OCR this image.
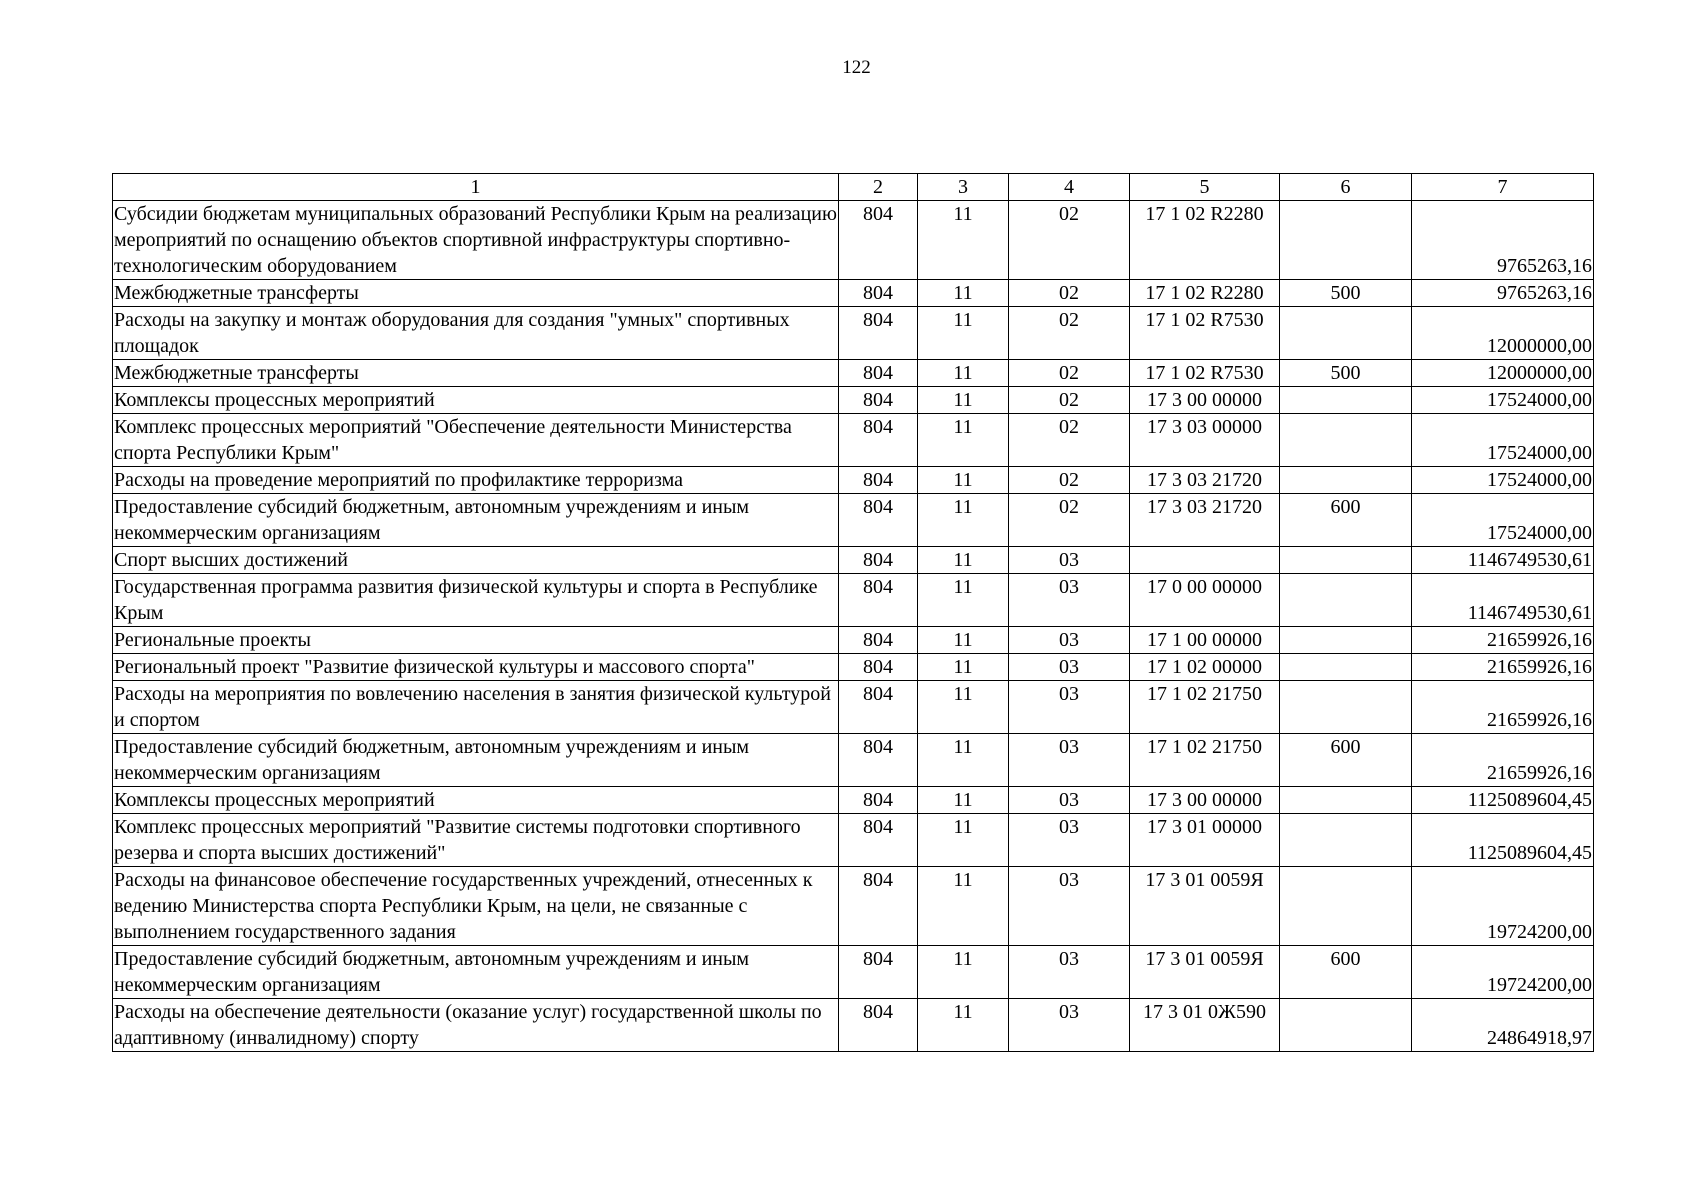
122
1	2	3	4	5	6	7
Субсидии бюджетам муниципальных образований Республики Крым на реализацию мероприятий по оснащению объектов спортивной инфраструктуры спортивно-технологическим оборудованием	804	11	02	17 1 02 R2280		9765263,16
Межбюджетные трансферты	804	11	02	17 1 02 R2280	500	9765263,16
Расходы на закупку и монтаж оборудования для создания "умных" спортивных площадок	804	11	02	17 1 02 R7530		12000000,00
Межбюджетные трансферты	804	11	02	17 1 02 R7530	500	12000000,00
Комплексы процессных мероприятий	804	11	02	17 3 00 00000		17524000,00
Комплекс процессных мероприятий "Обеспечение деятельности Министерства спорта Республики Крым"	804	11	02	17 3 03 00000		17524000,00
Расходы на проведение мероприятий по профилактике терроризма	804	11	02	17 3 03 21720		17524000,00
Предоставление субсидий бюджетным, автономным учреждениям и иным некоммерческим организациям	804	11	02	17 3 03 21720	600	17524000,00
Спорт высших достижений	804	11	03			1146749530,61
Государственная программа развития физической культуры и спорта в Республике Крым	804	11	03	17 0 00 00000		1146749530,61
Региональные проекты	804	11	03	17 1 00 00000		21659926,16
Региональный проект "Развитие физической культуры и массового спорта"	804	11	03	17 1 02 00000		21659926,16
Расходы на мероприятия по вовлечению населения в занятия физической культурой и спортом	804	11	03	17 1 02 21750		21659926,16
Предоставление субсидий бюджетным, автономным учреждениям и иным некоммерческим организациям	804	11	03	17 1 02 21750	600	21659926,16
Комплексы процессных мероприятий	804	11	03	17 3 00 00000		1125089604,45
Комплекс процессных мероприятий "Развитие системы подготовки спортивного резерва и спорта высших достижений"	804	11	03	17 3 01 00000		1125089604,45
Расходы на финансовое обеспечение государственных учреждений, отнесенных к ведению Министерства спорта Республики Крым, на цели, не связанные с выполнением государственного задания	804	11	03	17 3 01 0059Я		19724200,00
Предоставление субсидий бюджетным, автономным учреждениям и иным некоммерческим организациям	804	11	03	17 3 01 0059Я	600	19724200,00
Расходы на обеспечение деятельности (оказание услуг) государственной школы по адаптивному (инвалидному) спорту	804	11	03	17 3 01 0Ж590		24864918,97
